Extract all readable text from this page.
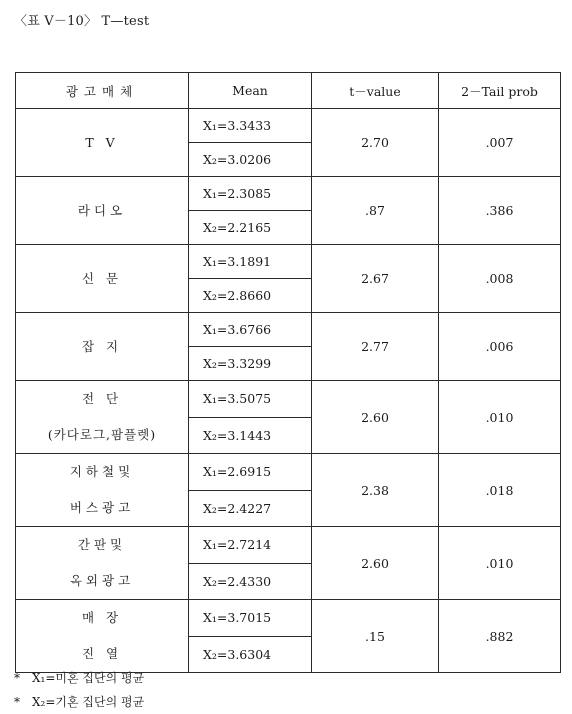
〈표 V－10〉 T—test
광고매체	Mean	t－value	2－Tail prob

T V	X₁=3.3433	2.70	.007
	X₂=3.0206		

라디오	X₁=2.3085	.87	.386
	X₂=2.2165		

신 문	X₁=3.1891	2.67	.008
	X₂=2.8660		

잡 지	X₁=3.6766	2.77	.006
	X₂=3.3299		

전 단
(카다로그,팜플렛)	X₁=3.5075	2.60	.010
	X₂=3.1443		

지하철및
버스광고	X₁=2.6915	2.38	.018
	X₂=2.4227		

간판및
옥외광고	X₁=2.7214	2.60	.010
	X₂=2.4330		

매 장
진 열	X₁=3.7015	.15	.882
	X₂=3.6304		
* X₁=미혼 집단의 평균
* X₂=기혼 집단의 평균
